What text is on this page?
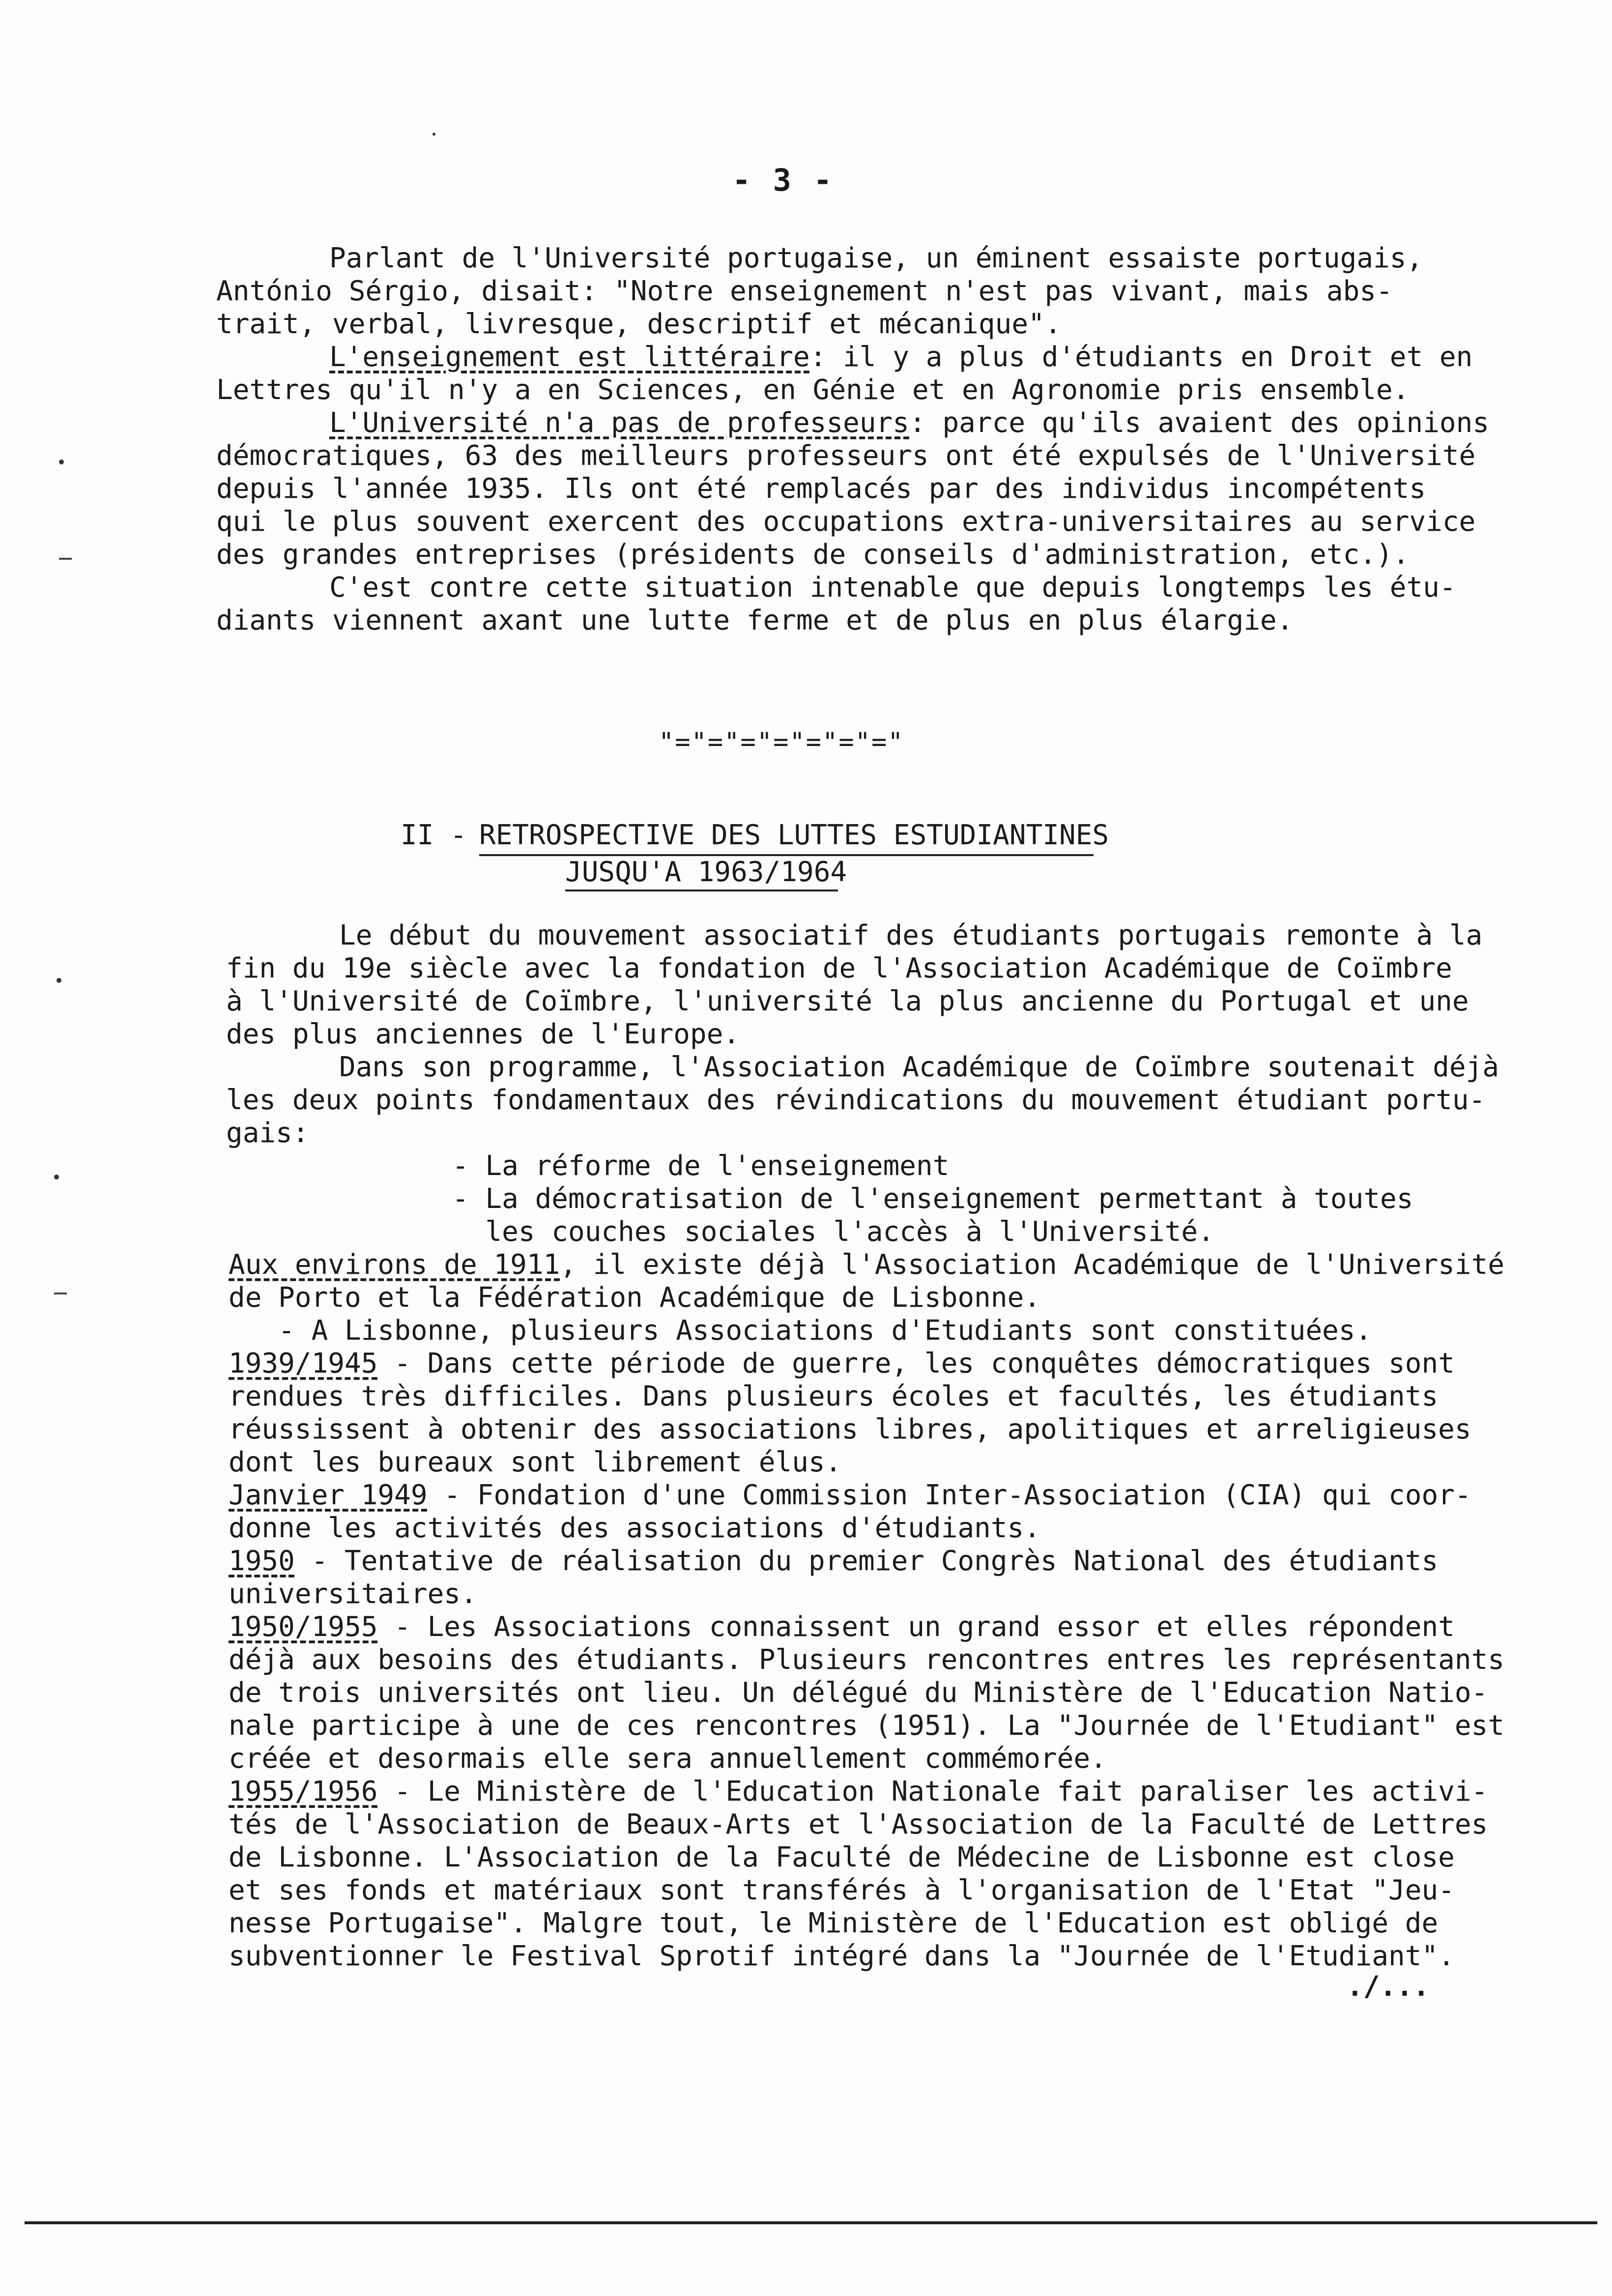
- 3 -
Parlant de l'Université portugaise, un éminent essaiste portugais,
António Sérgio, disait: "Notre enseignement n'est pas vivant, mais abs-
trait, verbal, livresque, descriptif et mécanique".
L'enseignement est littéraire: il y a plus d'étudiants en Droit et en
Lettres qu'il n'y a en Sciences, en Génie et en Agronomie pris ensemble.
L'Université n'a pas de professeurs: parce qu'ils avaient des opinions
démocratiques, 63 des meilleurs professeurs ont été expulsés de l'Université
depuis l'année 1935. Ils ont été remplacés par des individus incompétents
qui le plus souvent exercent des occupations extra-universitaires au service
des grandes entreprises (présidents de conseils d'administration, etc.).
C'est contre cette situation intenable que depuis longtemps les étu-
diants viennent axant une lutte ferme et de plus en plus élargie.
"="="="="="="="
II - RETROSPECTIVE DES LUTTES ESTUDIANTINES
JUSQU'A 1963/1964
Le début du mouvement associatif des étudiants portugais remonte à la
fin du 19e siècle avec la fondation de l'Association Académique de Coïmbre
à l'Université de Coïmbre, l'université la plus ancienne du Portugal et une
des plus anciennes de l'Europe.
Dans son programme, l'Association Académique de Coïmbre soutenait déjà
les deux points fondamentaux des révindications du mouvement étudiant portu-
gais:
- La réforme de l'enseignement
- La démocratisation de l'enseignement permettant à toutes
les couches sociales l'accès à l'Université.
Aux environs de 1911, il existe déjà l'Association Académique de l'Université
de Porto et la Fédération Académique de Lisbonne.
- A Lisbonne, plusieurs Associations d'Etudiants sont constituées.
1939/1945 - Dans cette période de guerre, les conquêtes démocratiques sont
rendues très difficiles. Dans plusieurs écoles et facultés, les étudiants
réussissent à obtenir des associations libres, apolitiques et arreligieuses
dont les bureaux sont librement élus.
Janvier 1949 - Fondation d'une Commission Inter-Association (CIA) qui coor-
donne les activités des associations d'étudiants.
1950 - Tentative de réalisation du premier Congrès National des étudiants
universitaires.
1950/1955 - Les Associations connaissent un grand essor et elles répondent
déjà aux besoins des étudiants. Plusieurs rencontres entres les représentants
de trois universités ont lieu. Un délégué du Ministère de l'Education Natio-
nale participe à une de ces rencontres (1951). La "Journée de l'Etudiant" est
créée et desormais elle sera annuellement commémorée.
1955/1956 - Le Ministère de l'Education Nationale fait paraliser les activi-
tés de l'Association de Beaux-Arts et l'Association de la Faculté de Lettres
de Lisbonne. L'Association de la Faculté de Médecine de Lisbonne est close
et ses fonds et matériaux sont transférés à l'organisation de l'Etat "Jeu-
nesse Portugaise". Malgre tout, le Ministère de l'Education est obligé de
subventionner le Festival Sprotif intégré dans la "Journée de l'Etudiant".
./...
